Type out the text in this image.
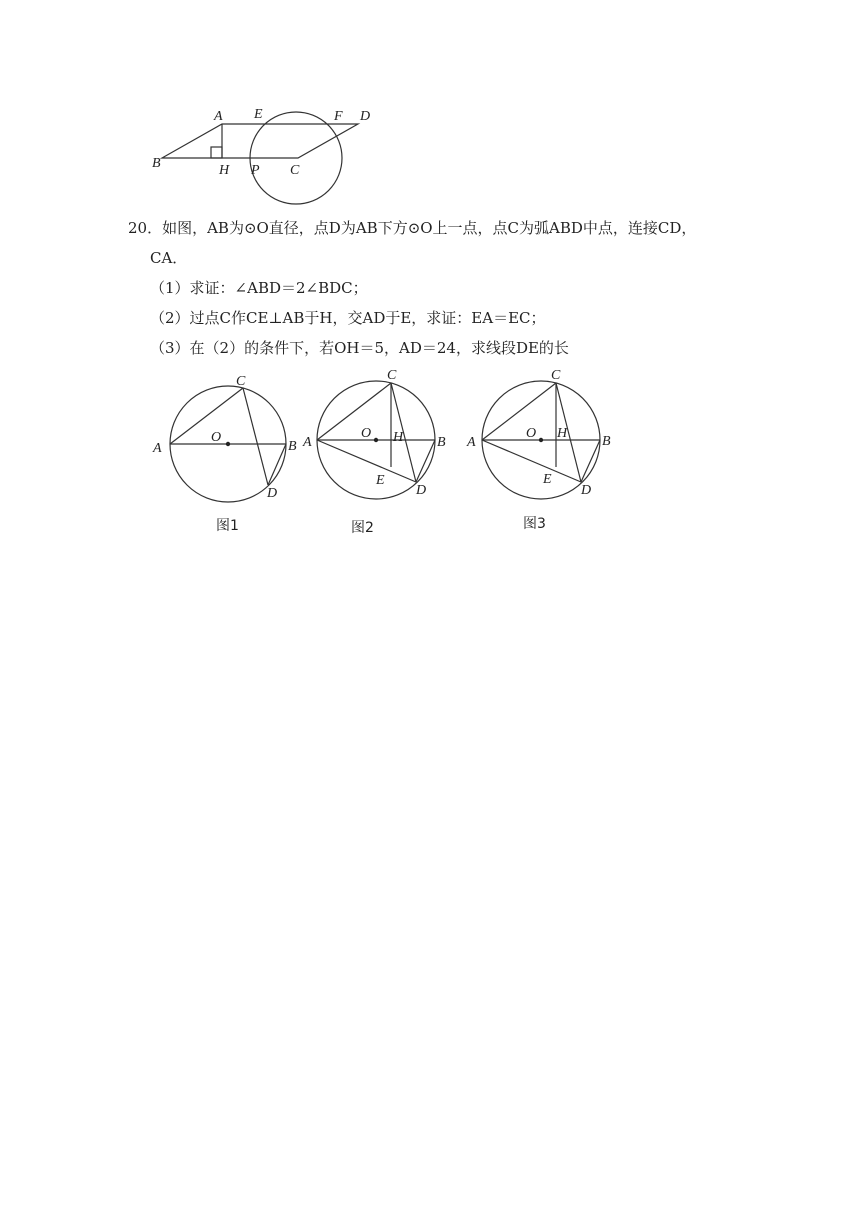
A E	F D
B	H P C
20．如图，AB为⊙O直径，点D为AB下方⊙O上一点，点C为弧ABD中点，连接CD，
CA．
（1）求证：∠ABD＝2∠BDC；
（2）过点C作CE⊥AB于H，交AD于E，求证：EA＝EC；
（3）在（2）的条件下，若OH＝5，AD＝24，求线段DE的长
C
A
O
B
D
图1
C
A
O H B
E
D
图2
C
A
O H
B
E
D
图3
